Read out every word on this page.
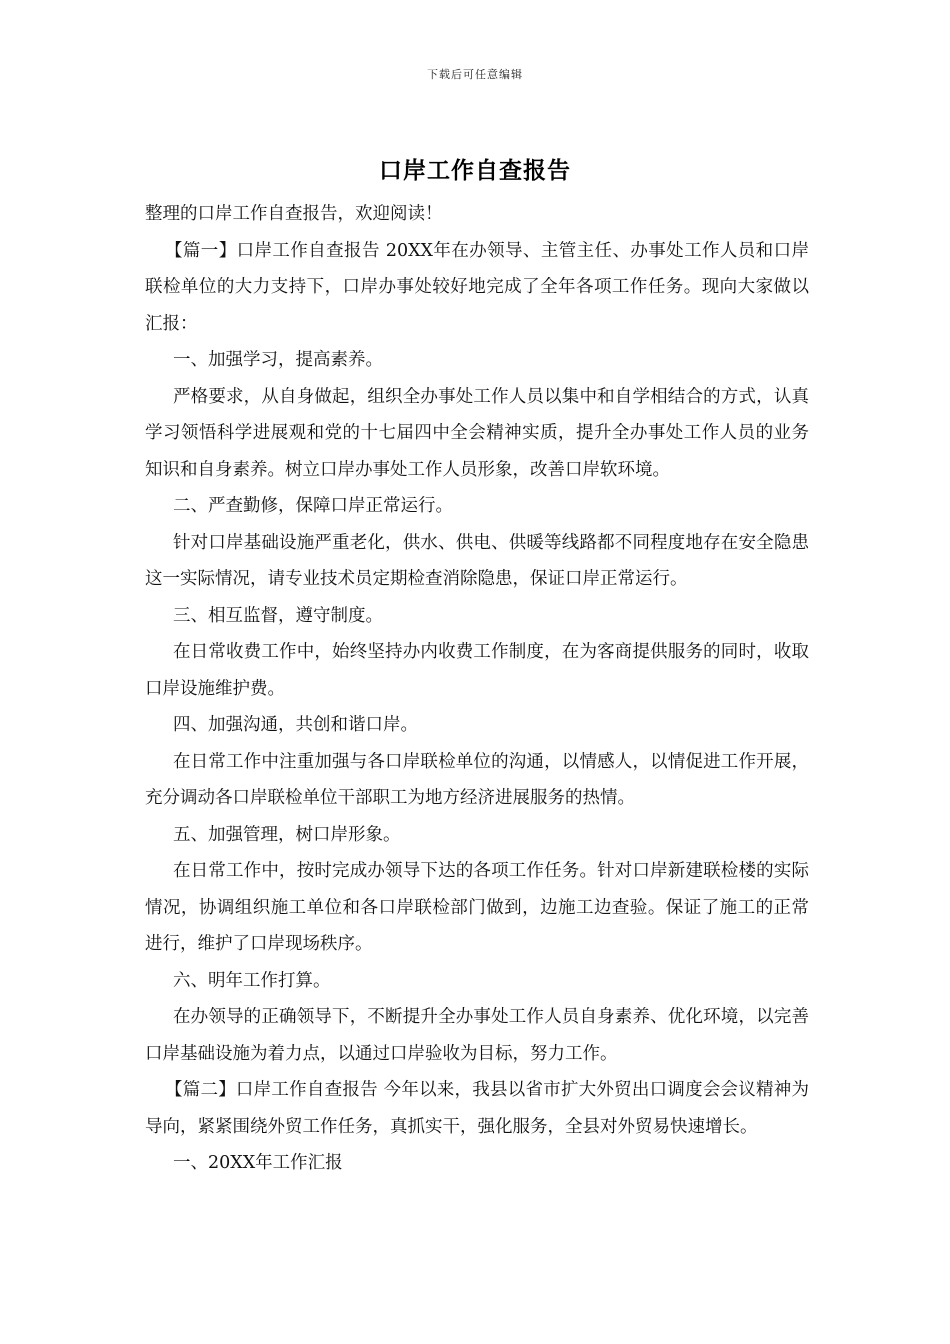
下载后可任意编辑
口岸工作自查报告

整理的口岸工作自查报告，欢迎阅读！

【篇一】口岸工作自查报告 20XX年在办领导、主管主任、办事处工作人员和口岸联检单位的大力支持下，口岸办事处较好地完成了全年各项工作任务。现向大家做以汇报：

一、加强学习，提高素养。

严格要求，从自身做起，组织全办事处工作人员以集中和自学相结合的方式，认真学习领悟科学进展观和党的十七届四中全会精神实质，提升全办事处工作人员的业务知识和自身素养。树立口岸办事处工作人员形象，改善口岸软环境。

二、严查勤修，保障口岸正常运行。

针对口岸基础设施严重老化，供水、供电、供暖等线路都不同程度地存在安全隐患这一实际情况，请专业技术员定期检查消除隐患，保证口岸正常运行。

三、相互监督，遵守制度。

在日常收费工作中，始终坚持办内收费工作制度，在为客商提供服务的同时，收取口岸设施维护费。

四、加强沟通，共创和谐口岸。

在日常工作中注重加强与各口岸联检单位的沟通，以情感人，以情促进工作开展，充分调动各口岸联检单位干部职工为地方经济进展服务的热情。

五、加强管理，树口岸形象。

在日常工作中，按时完成办领导下达的各项工作任务。针对口岸新建联检楼的实际情况，协调组织施工单位和各口岸联检部门做到，边施工边查验。保证了施工的正常进行，维护了口岸现场秩序。

六、明年工作打算。

在办领导的正确领导下，不断提升全办事处工作人员自身素养、优化环境，以完善口岸基础设施为着力点，以通过口岸验收为目标，努力工作。

【篇二】口岸工作自查报告 今年以来，我县以省市扩大外贸出口调度会会议精神为导向，紧紧围绕外贸工作任务，真抓实干，强化服务，全县对外贸易快速增长。

一、20XX年工作汇报
